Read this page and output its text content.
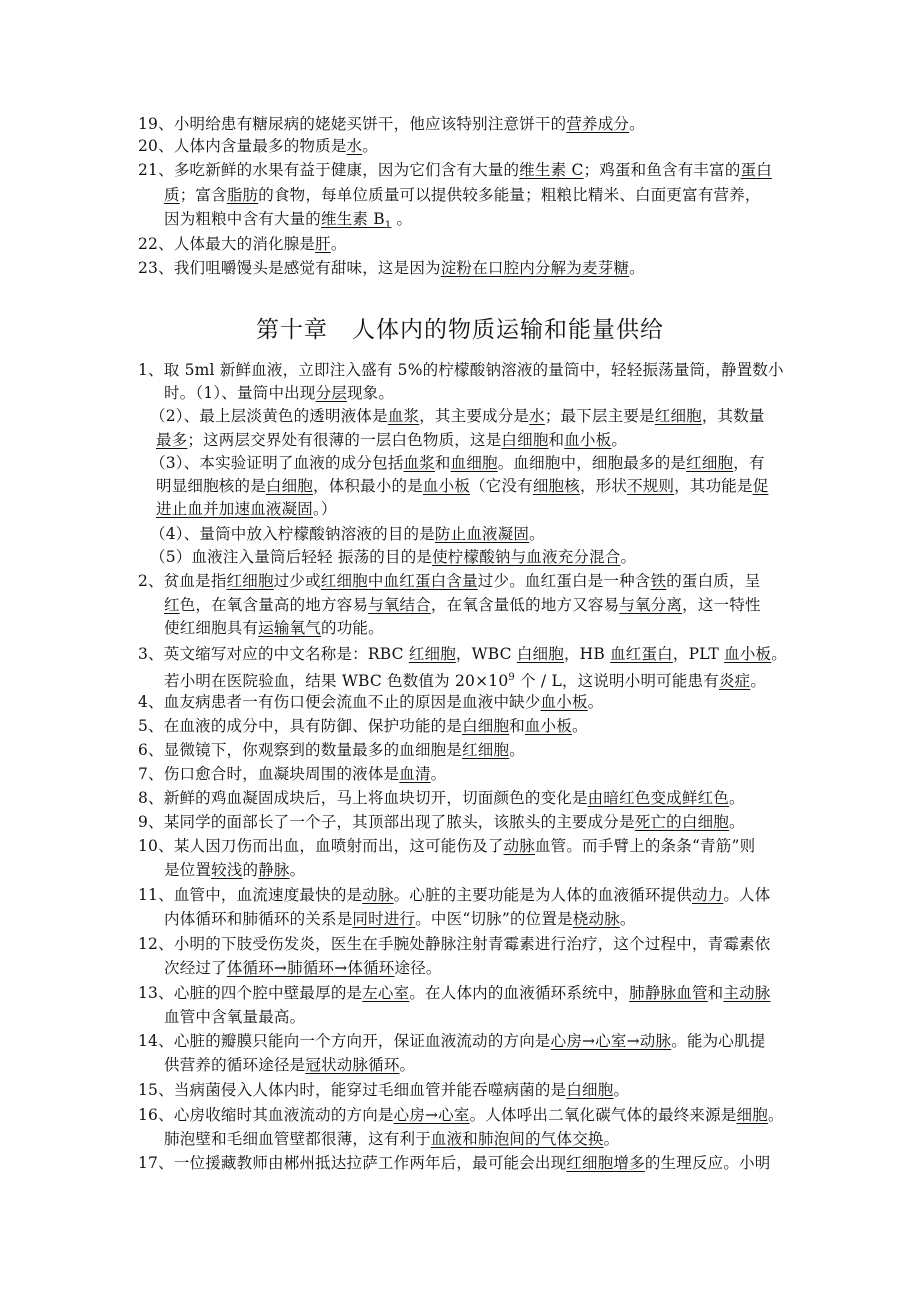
19、小明给患有糖尿病的姥姥买饼干，他应该特别注意饼干的营养成分。
20、人体内含量最多的物质是水。
21、多吃新鲜的水果有益于健康，因为它们含有大量的维生素 C；鸡蛋和鱼含有丰富的蛋白
质；富含脂肪的食物，每单位质量可以提供较多能量；粗粮比精米、白面更富有营养，
因为粗粮中含有大量的维生素 $B_1$ 。
22、人体最大的消化腺是肝。
23、我们咀嚼馒头是感觉有甜味，这是因为淀粉在口腔内分解为麦芽糖。
第十章　人体内的物质运输和能量供给
1、取 5ml 新鲜血液，立即注入盛有 5%的柠檬酸钠溶液的量筒中，轻轻振荡量筒，静置数小
时。（1）、量筒中出现分层现象。
（2）、最上层淡黄色的透明液体是血浆，其主要成分是水；最下层主要是红细胞，其数量
最多；这两层交界处有很薄的一层白色物质，这是白细胞和血小板。
（3）、本实验证明了血液的成分包括血浆和血细胞。血细胞中，细胞最多的是红细胞，有
明显细胞核的是白细胞，体积最小的是血小板（它没有细胞核，形状不规则，其功能是促
进止血并加速血液凝固。）
（4）、量筒中放入柠檬酸钠溶液的目的是防止血液凝固。
（5）血液注入量筒后轻轻 振荡的目的是使柠檬酸钠与血液充分混合。
2、贫血是指红细胞过少或红细胞中血红蛋白含量过少。血红蛋白是一种含铁的蛋白质，呈
红色，在氧含量高的地方容易与氧结合，在氧含量低的地方又容易与氧分离，这一特性
使红细胞具有运输氧气的功能。
3、英文缩写对应的中文名称是：RBC 红细胞，WBC 白细胞，HB 血红蛋白，PLT 血小板。
若小明在医院验血，结果 WBC 色数值为 $20\times 10^9$ 个 / L，这说明小明可能患有炎症。
4、血友病患者一有伤口便会流血不止的原因是血液中缺少血小板。
5、在血液的成分中，具有防御、保护功能的是白细胞和血小板。
6、显微镜下，你观察到的数量最多的血细胞是红细胞。
7、伤口愈合时，血凝块周围的液体是血清。
8、新鲜的鸡血凝固成块后，马上将血块切开，切面颜色的变化是由暗红色变成鲜红色。
9、某同学的面部长了一个子，其顶部出现了脓头，该脓头的主要成分是死亡的白细胞。
10、某人因刀伤而出血，血喷射而出，这可能伤及了动脉血管。而手臂上的条条“青筋”则
是位置较浅的静脉。
11、血管中，血流速度最快的是动脉。心脏的主要功能是为人体的血液循环提供动力。人体
内体循环和肺循环的关系是同时进行。中医“切脉”的位置是桡动脉。
12、小明的下肢受伤发炎，医生在手腕处静脉注射青霉素进行治疗，这个过程中，青霉素依
次经过了体循环→肺循环→体循环途径。
13、心脏的四个腔中壁最厚的是左心室。在人体内的血液循环系统中，肺静脉血管和主动脉
血管中含氧量最高。
14、心脏的瓣膜只能向一个方向开，保证血液流动的方向是心房→心室→动脉。能为心肌提
供营养的循环途径是冠状动脉循环。
15、当病菌侵入人体内时，能穿过毛细血管并能吞噬病菌的是白细胞。
16、心房收缩时其血液流动的方向是心房→心室。人体呼出二氧化碳气体的最终来源是细胞。
肺泡壁和毛细血管壁都很薄，这有利于血液和肺泡间的气体交换。
17、一位援藏教师由郴州抵达拉萨工作两年后，最可能会出现红细胞增多的生理反应。小明
